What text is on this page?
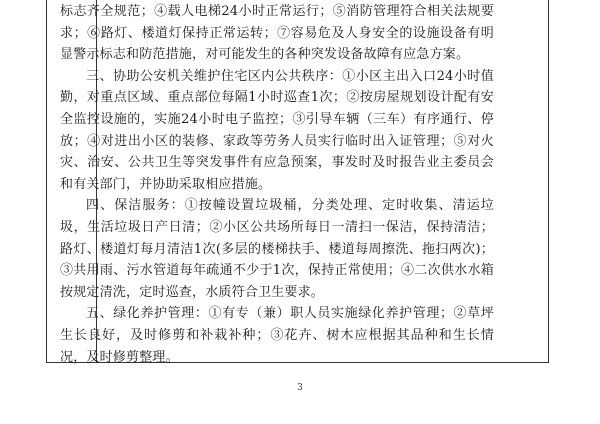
标志齐全规范；④载人电梯24小时正常运行；⑤消防管理符合相关法规要求；⑥路灯、楼道灯保持正常运转；⑦容易危及人身安全的设施设备有明显警示标志和防范措施，对可能发生的各种突发设备故障有应急方案。

三、协助公安机关维护住宅区内公共秩序：①小区主出入口24小时值勤，对重点区域、重点部位每隔1小时巡查1次；②按房屋规划设计配有安全监控设施的，实施24小时电子监控；③引导车辆（三车）有序通行、停放；④对进出小区的装修、家政等劳务人员实行临时出入证管理；⑤对火灾、治安、公共卫生等突发事件有应急预案，事发时及时报告业主委员会和有关部门，并协助采取相应措施。

四、保洁服务：①按幢设置垃圾桶，分类处理、定时收集、清运垃圾，生活垃圾日产日清；②小区公共场所每日一清扫一保洁，保持清洁；路灯、楼道灯每月清洁1次(多层的楼梯扶手、楼道每周擦洗、拖扫两次)；③共用雨、污水管道每年疏通不少于1次，保持正常使用；④二次供水水箱按规定清洗，定时巡查，水质符合卫生要求。

五、绿化养护管理：①有专（兼）职人员实施绿化养护管理；②草坪生长良好，及时修剪和补栽补种；③花卉、树木应根据其品种和生长情况，及时修剪整理。

3
